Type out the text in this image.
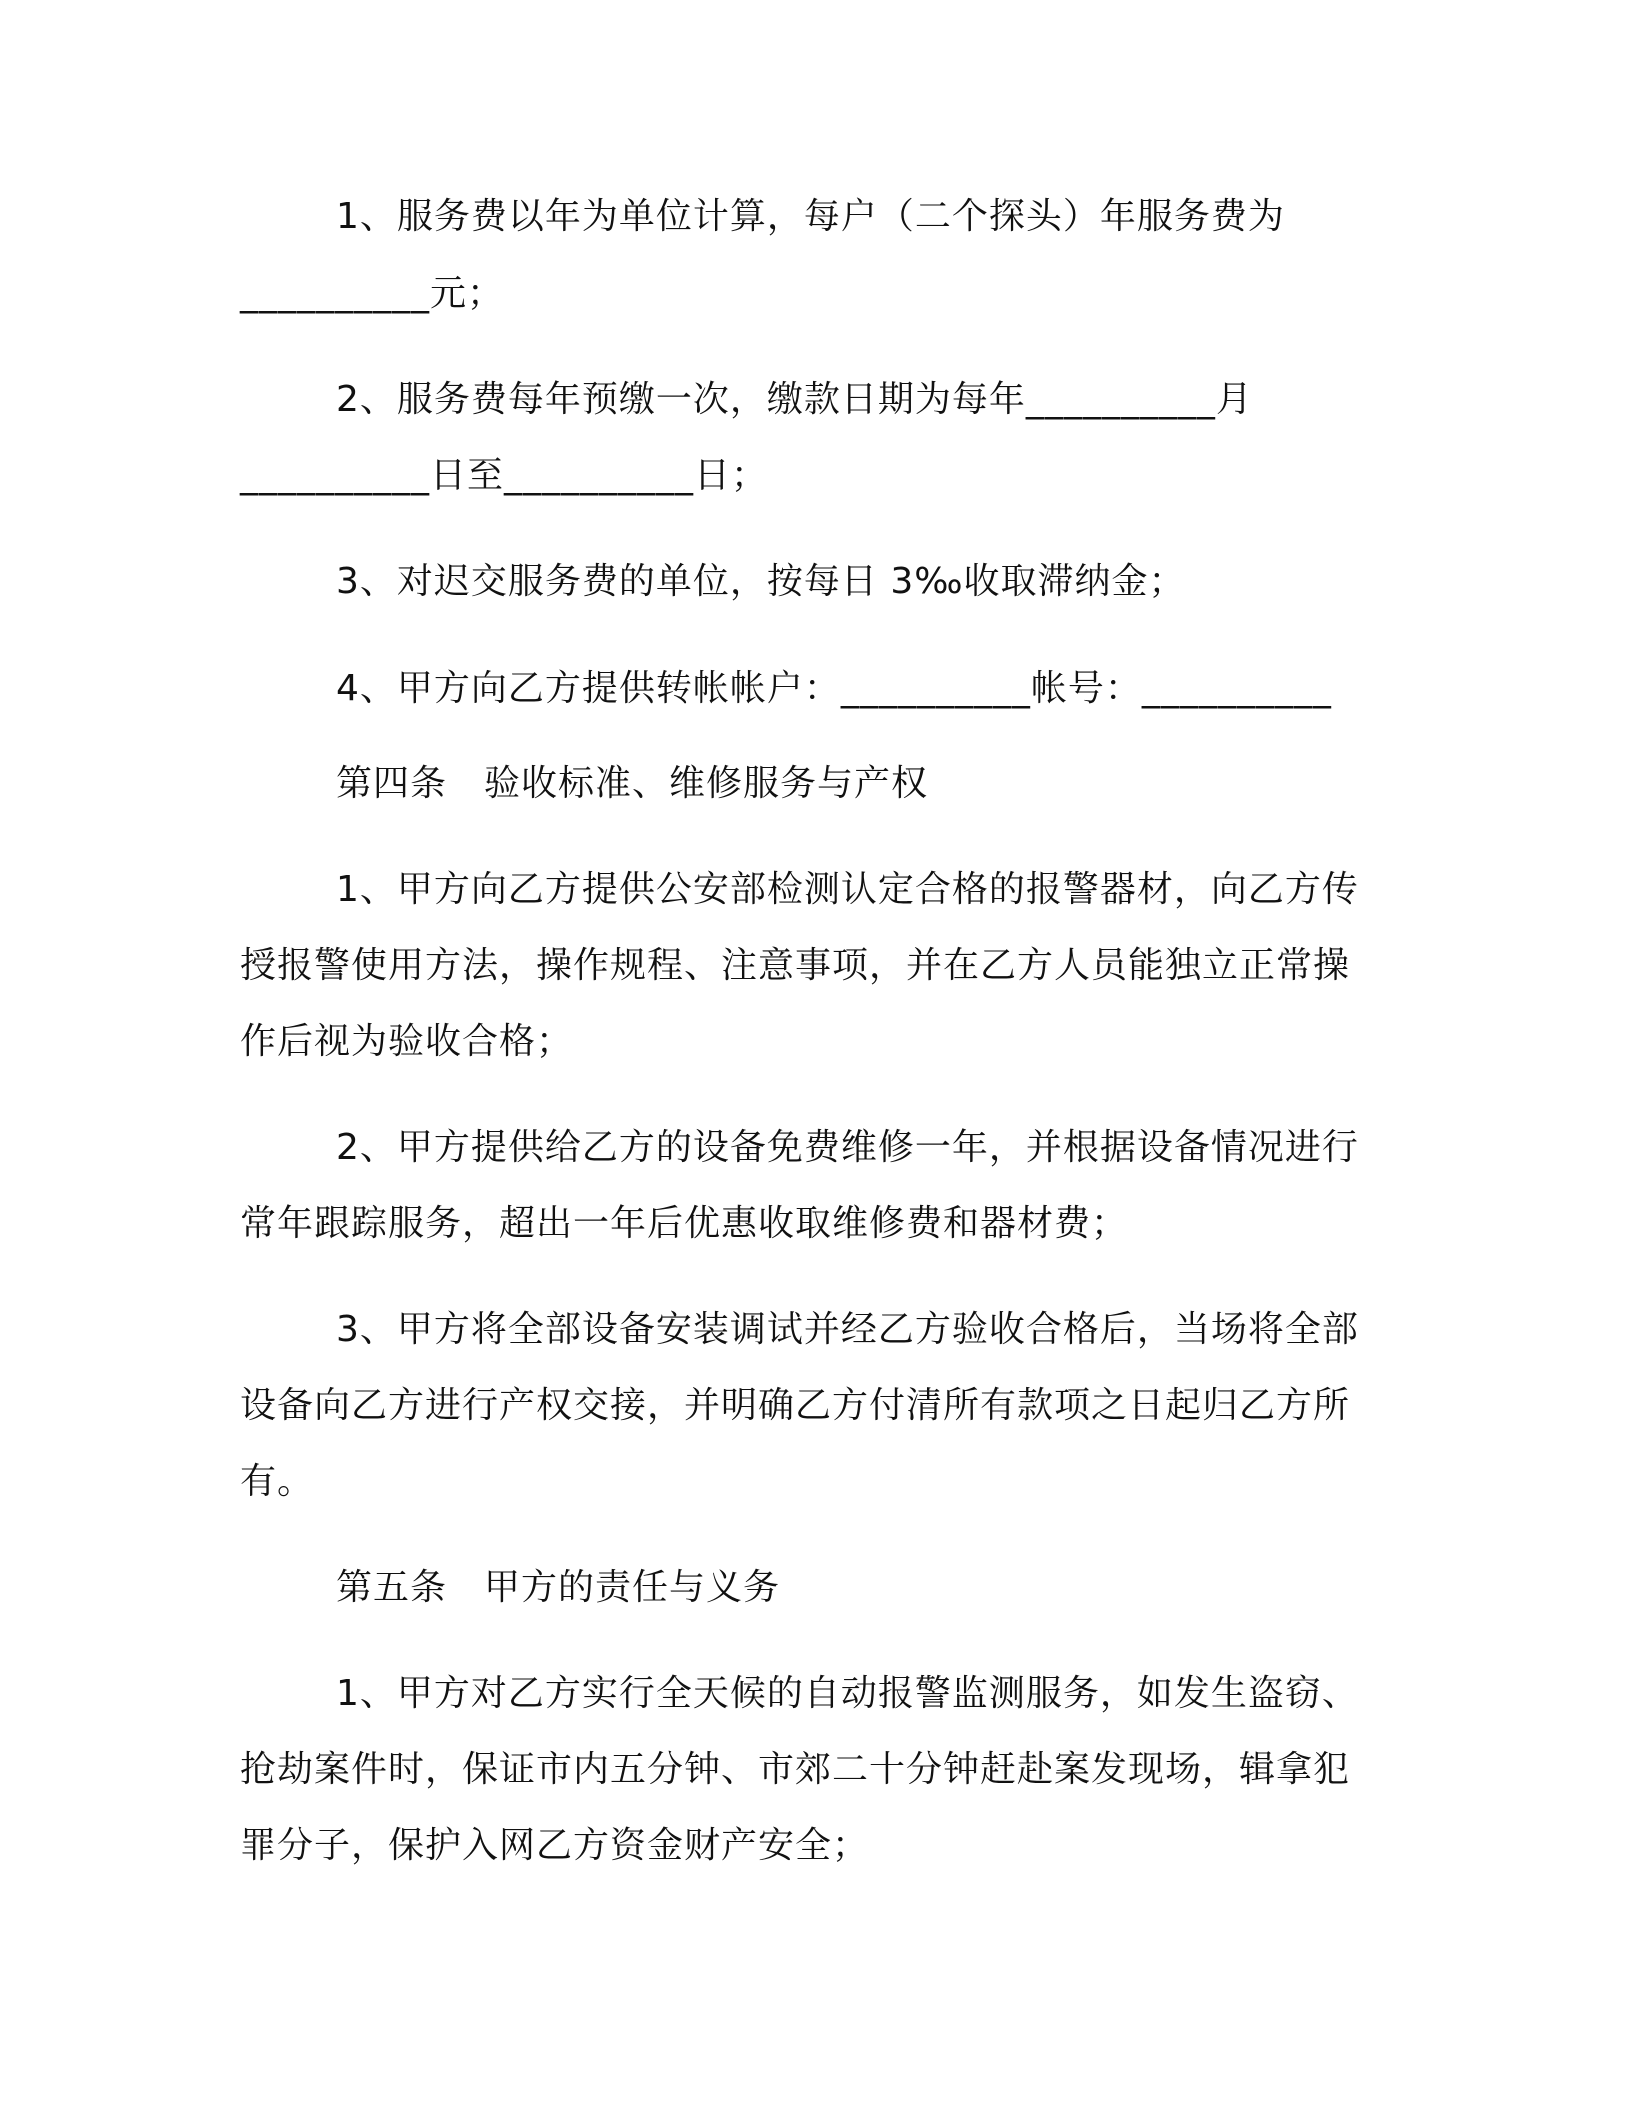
1、服务费以年为单位计算，每户（二个探头）年服务费为
__________元；
2、服务费每年预缴一次，缴款日期为每年__________月
__________日至__________日；
3、对迟交服务费的单位，按每日 3‰收取滞纳金；
4、甲方向乙方提供转帐帐户：__________帐号：__________
第四条　验收标准、维修服务与产权
1、甲方向乙方提供公安部检测认定合格的报警器材，向乙方传
授报警使用方法，操作规程、注意事项，并在乙方人员能独立正常操
作后视为验收合格；
2、甲方提供给乙方的设备免费维修一年，并根据设备情况进行
常年跟踪服务，超出一年后优惠收取维修费和器材费；
3、甲方将全部设备安装调试并经乙方验收合格后，当场将全部
设备向乙方进行产权交接，并明确乙方付清所有款项之日起归乙方所
有。
第五条　甲方的责任与义务
1、甲方对乙方实行全天候的自动报警监测服务，如发生盗窃、
抢劫案件时，保证市内五分钟、市郊二十分钟赶赴案发现场，辑拿犯
罪分子，保护入网乙方资金财产安全；
